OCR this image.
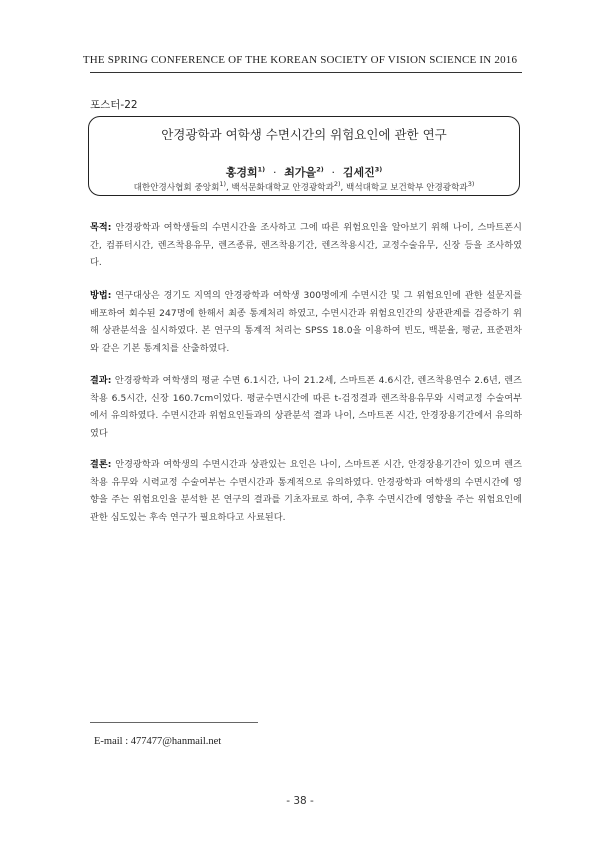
THE SPRING CONFERENCE OF THE KOREAN SOCIETY OF VISION SCIENCE IN 2016
포스터-22
안경광학과 여학생 수면시간의 위험요인에 관한 연구
홍경희$^{1)}$ · 최가을$^{2)}$ · 김세진$^{3)}$
대한안경사협회 중앙회$^{1)}$, 백석문화대학교 안경광학과$^{2)}$, 백석대학교 보건학부 안경광학과$^{3)}$
목적: 안경광학과 여학생들의 수면시간을 조사하고 그에 따른 위험요인을 알아보기 위해 나이, 스마트폰시간, 컴퓨터시간, 렌즈착용유무, 렌즈종류, 렌즈착용기간, 렌즈착용시간, 교정수술유무, 신장 등을 조사하였다.
방법: 연구대상은 경기도 지역의 안경광학과 여학생 300명에게 수면시간 및 그 위험요인에 관한 설문지를 배포하여 회수된 247명에 한해서 최종 통계처리 하였고, 수면시간과 위험요인간의 상관관계를 검증하기 위해 상관분석을 실시하였다. 본 연구의 통계적 처리는 SPSS 18.0을 이용하여 빈도, 백분율, 평균, 표준편차와 같은 기본 통계치를 산출하였다.
결과: 안경광학과 여학생의 평균 수면 6.1시간, 나이 21.2세, 스마트폰 4.6시간, 렌즈착용연수 2.6년, 렌즈착용 6.5시간, 신장 160.7cm이었다. 평균수면시간에 따른 t-검정결과 렌즈착용유무와 시력교정 수술여부에서 유의하였다. 수면시간과 위험요인들과의 상관분석 결과 나이, 스마트폰 시간, 안경장용기간에서 유의하였다
결론: 안경광학과 여학생의 수면시간과 상관있는 요인은 나이, 스마트폰 시간, 안경장용기간이 있으며 렌즈착용 유무와 시력교정 수술여부는 수면시간과 통계적으로 유의하였다. 안경광학과 여학생의 수면시간에 영향을 주는 위험요인을 분석한 본 연구의 결과를 기초자료로 하여, 추후 수면시간에 영향을 주는 위험요인에 관한 심도있는 후속 연구가 필요하다고 사료된다.
E-mail : 477477@hanmail.net
- 38 -
